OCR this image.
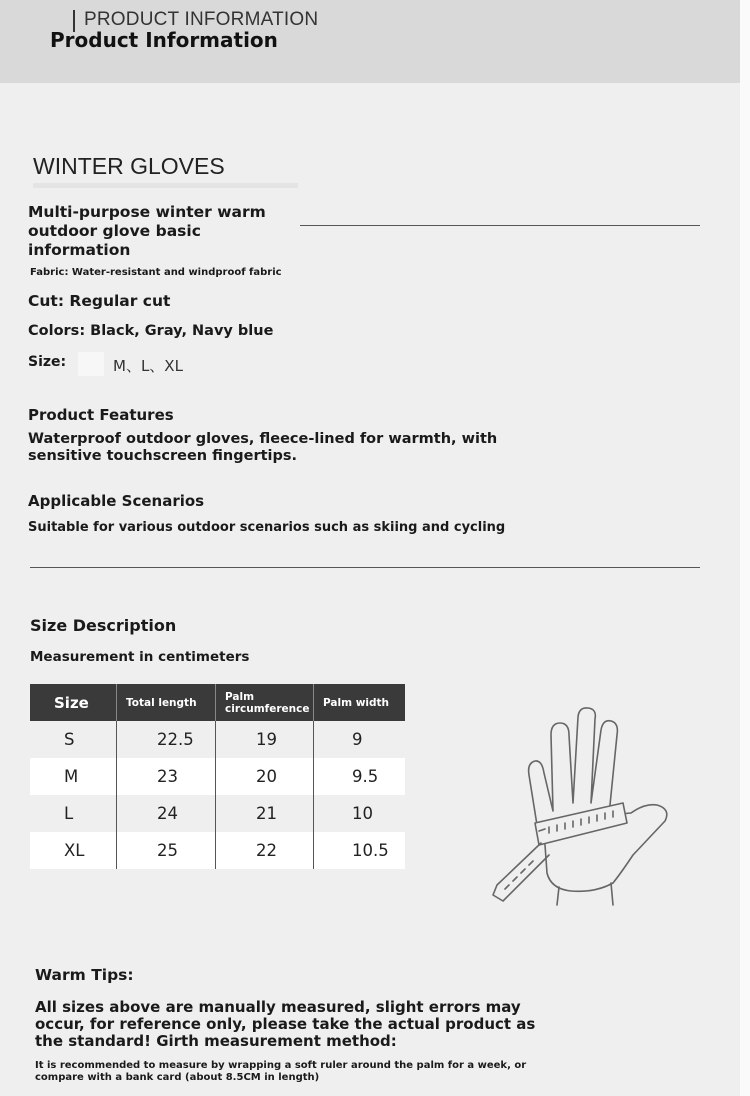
PRODUCT INFORMATION
Product Information
WINTER GLOVES
Multi-purpose winter warm outdoor glove basic information
Fabric: Water-resistant and windproof fabric
Cut: Regular cut
Colors: Black, Gray, Navy blue
Size:	M、L、XL
Product Features
Waterproof outdoor gloves, fleece-lined for warmth, with sensitive touchscreen fingertips.
Applicable Scenarios
Suitable for various outdoor scenarios such as skiing and cycling
Size Description
Measurement in centimeters
Size	Total length	Palm circumference	Palm width
S	22.5	19	9
M	23	20	9.5
L	24	21	10
XL	25	22	10.5
Warm Tips:
All sizes above are manually measured, slight errors may occur, for reference only, please take the actual product as the standard! Girth measurement method:
It is recommended to measure by wrapping a soft ruler around the palm for a week, or compare with a bank card (about 8.5CM in length)
